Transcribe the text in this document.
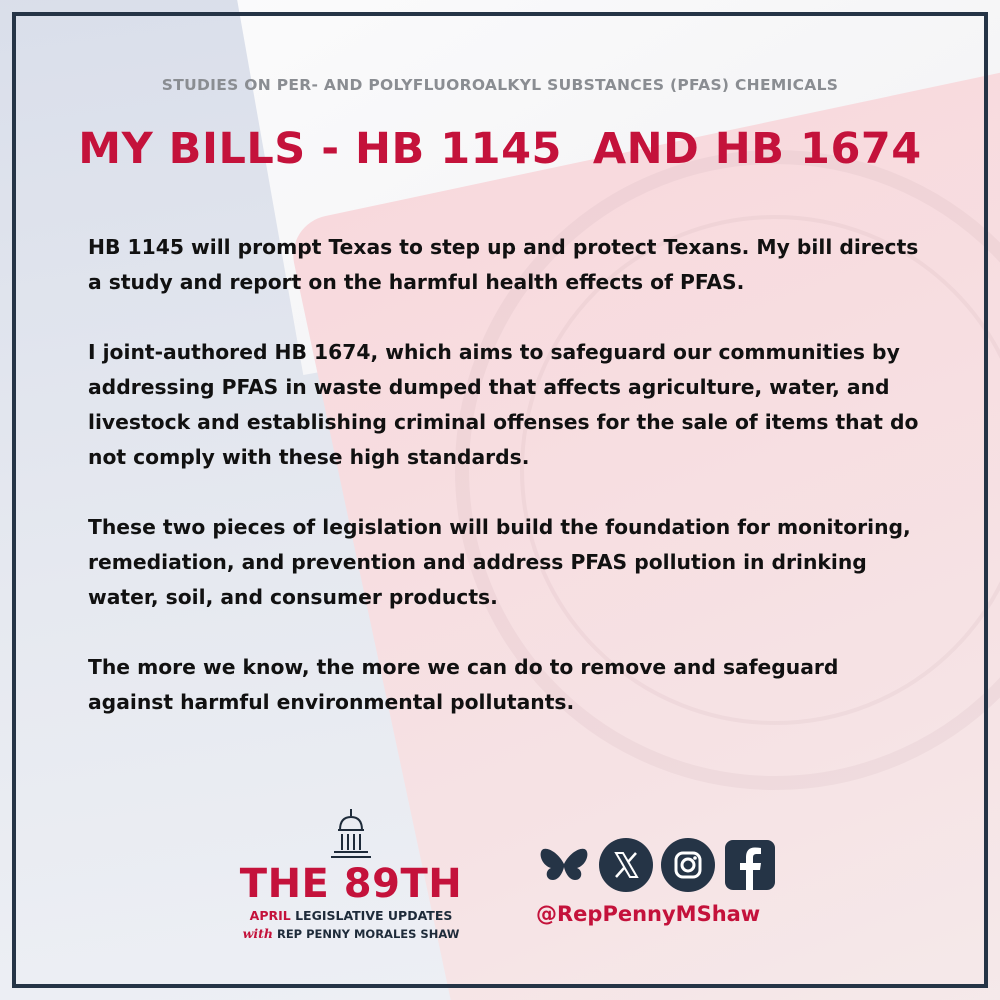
STUDIES ON PER- AND POLYFLUOROALKYL SUBSTANCES (PFAS) CHEMICALS
MY BILLS - HB 1145  AND HB 1674

HB 1145 will prompt Texas to step up and protect Texans. My bill directs a study and report on the harmful health effects of PFAS.

I joint-authored HB 1674, which aims to safeguard our communities by addressing PFAS in waste dumped that affects agriculture, water, and livestock and establishing criminal offenses for the sale of items that do not comply with these high standards.

These two pieces of legislation will build the foundation for monitoring, remediation, and prevention and address PFAS pollution in drinking water, soil, and consumer products.

The more we know, the more we can do to remove and safeguard against harmful environmental pollutants.

THE 89TH
APRIL LEGISLATIVE UPDATES
with REP PENNY MORALES SHAW
@RepPennyMShaw
